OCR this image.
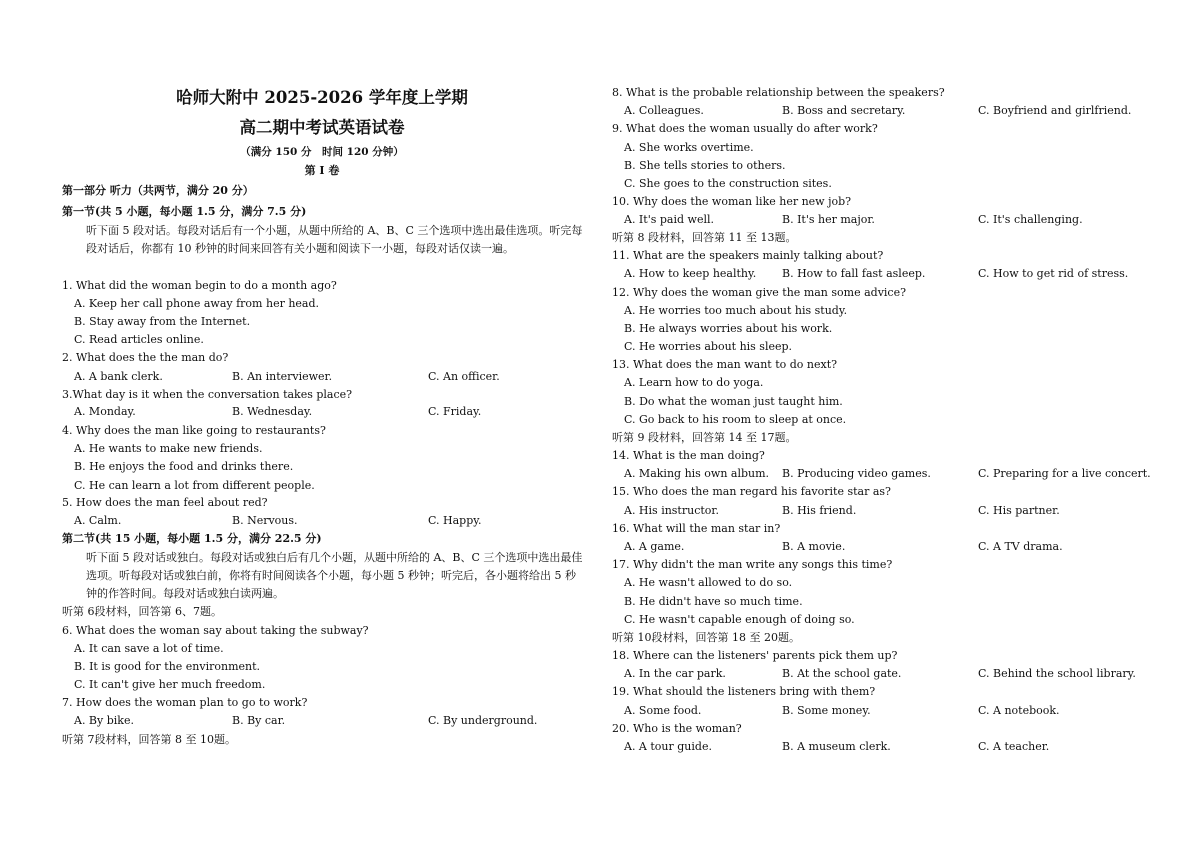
哈师大附中 2025-2026 学年度上学期
高二期中考试英语试卷
（满分 150 分　时间 120 分钟）
第 I 卷
第一部分 听力（共两节，满分 20 分）
第一节(共 5 小题，每小题 1.5 分，满分 7.5 分)
听下面 5 段对话。每段对话后有一个小题，从题中所给的 A、B、C 三个选项中选出最佳选项。听完每段对话后，你都有 10 秒钟的时间来回答有关小题和阅读下一小题，每段对话仅读一遍。
1. What did the woman begin to do a month ago?
A. Keep her call phone away from her head.
B. Stay away from the Internet.
C. Read articles online.
2. What does the the man do?
A. A bank clerk.	B. An interviewer.	C. An officer.
3.What day is it when the conversation takes place?
A. Monday.	B. Wednesday.	C. Friday.
4. Why does the man like going to restaurants?
A. He wants to make new friends.
B. He enjoys the food and drinks there.
C. He can learn a lot from different people.
5. How does the man feel about red?
A. Calm.	B. Nervous.	C. Happy.
第二节(共 15 小题，每小题 1.5 分，满分 22.5 分)
听下面 5 段对话或独白。每段对话或独白后有几个小题，从题中所给的 A、B、C 三个选项中选出最佳选项。听每段对话或独白前，你将有时间阅读各个小题，每小题 5 秒钟；听完后，各小题将给出 5 秒钟的作答时间。每段对话或独白读两遍。
听第 6段材料，回答第 6、7题。
6. What does the woman say about taking the subway?
A. It can save a lot of time.
B. It is good for the environment.
C. It can't give her much freedom.
7. How does the woman plan to go to work?
A. By bike.	B. By car.	C. By underground.
听第 7段材料，回答第 8 至 10题。
8. What is the probable relationship between the speakers?
A. Colleagues.	B. Boss and secretary.	C. Boyfriend and girlfriend.
9. What does the woman usually do after work?
A. She works overtime.
B. She tells stories to others.
C. She goes to the construction sites.
10. Why does the woman like her new job?
A. It's paid well.	B. It's her major.	C. It's challenging.
听第 8 段材料，回答第 11 至 13题。
11. What are the speakers mainly talking about?
A. How to keep healthy. B. How to fall fast asleep.	C. How to get rid of stress.
12. Why does the woman give the man some advice?
A. He worries too much about his study.
B. He always worries about his work.
C. He worries about his sleep.
13. What does the man want to do next?
A. Learn how to do yoga.
B. Do what the woman just taught him.
C. Go back to his room to sleep at once.
听第 9 段材料，回答第 14 至 17题。
14. What is the man doing?
A. Making his own album. B. Producing video games.	C. Preparing for a live concert.
15. Who does the man regard his favorite star as?
A. His instructor.	B. His friend.	C. His partner.
16. What will the man star in?
A. A game.	B. A movie.	C. A TV drama.
17. Why didn't the man write any songs this time?
A. He wasn't allowed to do so.
B. He didn't have so much time.
C. He wasn't capable enough of doing so.
听第 10段材料，回答第 18 至 20题。
18. Where can the listeners' parents pick them up?
A. In the car park.	B. At the school gate.	C. Behind the school library.
19. What should the listeners bring with them?
A. Some food.	B. Some money.	C. A notebook.
20. Who is the woman?
A. A tour guide.	B. A museum clerk.	C. A teacher.
